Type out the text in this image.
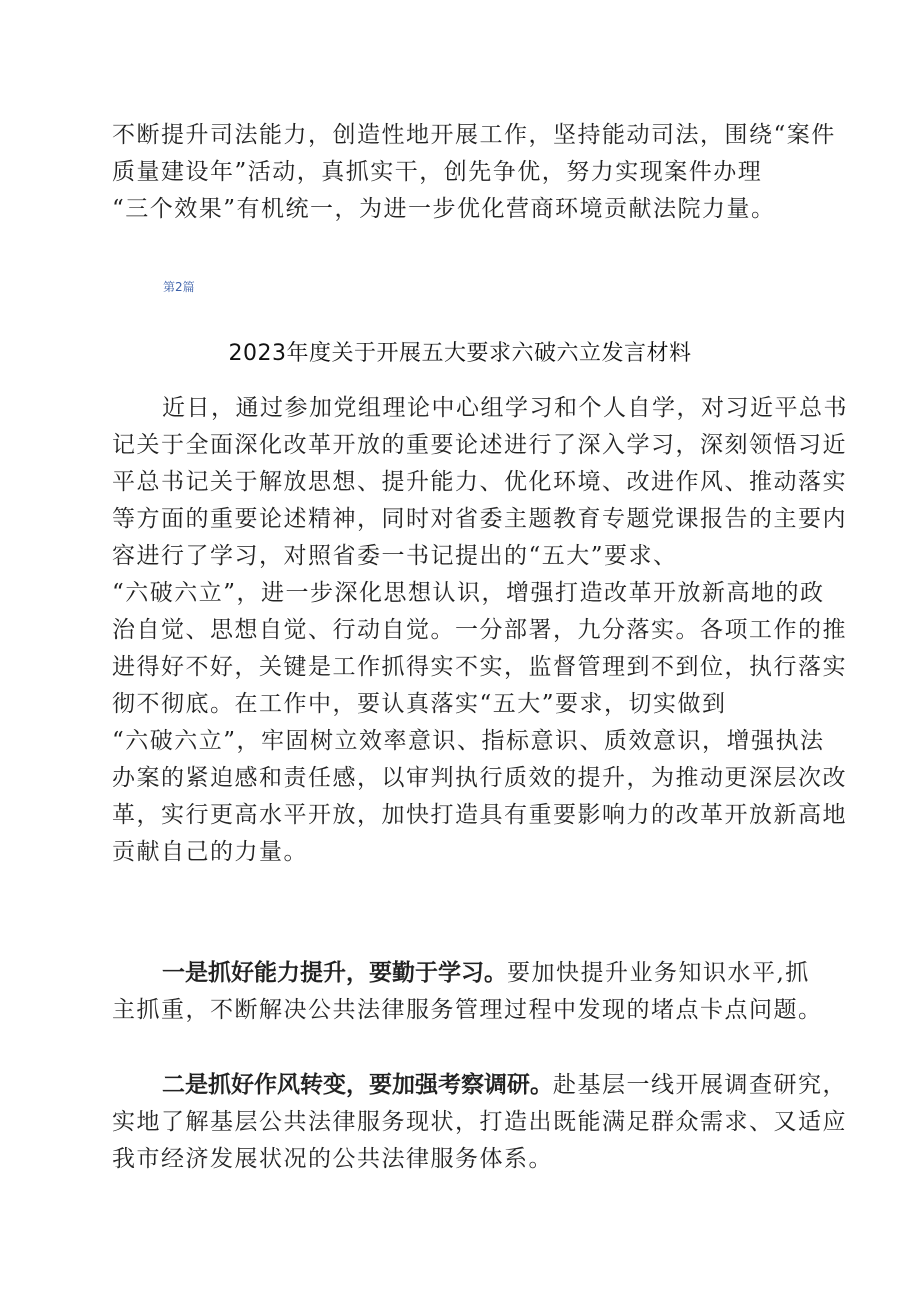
不断提升司法能力，创造性地开展工作，坚持能动司法，围绕“案件
质量建设年”活动，真抓实干，创先争优，努力实现案件办理
“三个效果”有机统一，为进一步优化营商环境贡献法院力量。
第2篇
2023年度关于开展五大要求六破六立发言材料
近日，通过参加党组理论中心组学习和个人自学，对习近平总书
记关于全面深化改革开放的重要论述进行了深入学习，深刻领悟习近
平总书记关于解放思想、提升能力、优化环境、改进作风、推动落实
等方面的重要论述精神，同时对省委主题教育专题党课报告的主要内
容进行了学习，对照省委一书记提出的“五大”要求、
“六破六立”，进一步深化思想认识，增强打造改革开放新高地的政
治自觉、思想自觉、行动自觉。一分部署，九分落实。各项工作的推
进得好不好，关键是工作抓得实不实，监督管理到不到位，执行落实
彻不彻底。在工作中，要认真落实“五大”要求，切实做到
“六破六立”，牢固树立效率意识、指标意识、质效意识，增强执法
办案的紧迫感和责任感，以审判执行质效的提升，为推动更深层次改
革，实行更高水平开放，加快打造具有重要影响力的改革开放新高地
贡献自己的力量。
一是抓好能力提升，要勤于学习。要加快提升业务知识水平,抓
主抓重，不断解决公共法律服务管理过程中发现的堵点卡点问题。
二是抓好作风转变，要加强考察调研。赴基层一线开展调查研究，
实地了解基层公共法律服务现状，打造出既能满足群众需求、又适应
我市经济发展状况的公共法律服务体系。
